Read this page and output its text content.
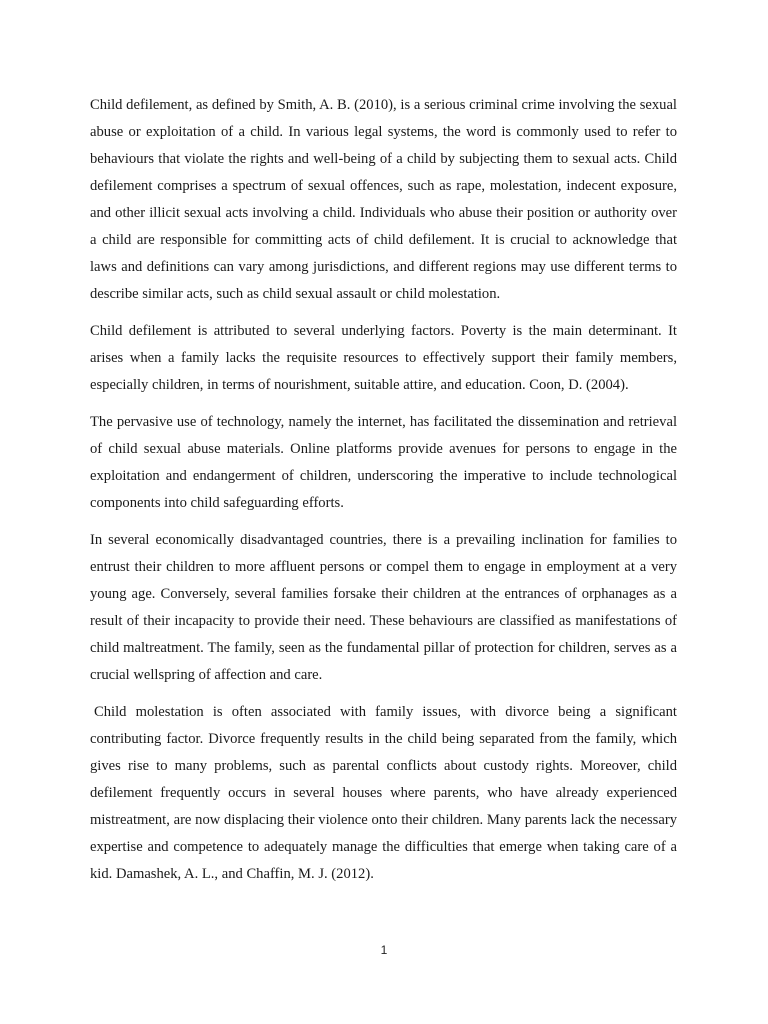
Child defilement, as defined by Smith, A. B. (2010), is a serious criminal crime involving the sexual abuse or exploitation of a child. In various legal systems, the word is commonly used to refer to behaviours that violate the rights and well-being of a child by subjecting them to sexual acts. Child defilement comprises a spectrum of sexual offences, such as rape, molestation, indecent exposure, and other illicit sexual acts involving a child. Individuals who abuse their position or authority over a child are responsible for committing acts of child defilement. It is crucial to acknowledge that laws and definitions can vary among jurisdictions, and different regions may use different terms to describe similar acts, such as child sexual assault or child molestation.

Child defilement is attributed to several underlying factors. Poverty is the main determinant. It arises when a family lacks the requisite resources to effectively support their family members, especially children, in terms of nourishment, suitable attire, and education. Coon, D. (2004).

The pervasive use of technology, namely the internet, has facilitated the dissemination and retrieval of child sexual abuse materials. Online platforms provide avenues for persons to engage in the exploitation and endangerment of children, underscoring the imperative to include technological components into child safeguarding efforts.

In several economically disadvantaged countries, there is a prevailing inclination for families to entrust their children to more affluent persons or compel them to engage in employment at a very young age. Conversely, several families forsake their children at the entrances of orphanages as a result of their incapacity to provide their need. These behaviours are classified as manifestations of child maltreatment. The family, seen as the fundamental pillar of protection for children, serves as a crucial wellspring of affection and care.

Child molestation is often associated with family issues, with divorce being a significant contributing factor. Divorce frequently results in the child being separated from the family, which gives rise to many problems, such as parental conflicts about custody rights. Moreover, child defilement frequently occurs in several houses where parents, who have already experienced mistreatment, are now displacing their violence onto their children. Many parents lack the necessary expertise and competence to adequately manage the difficulties that emerge when taking care of a kid. Damashek, A. L., and Chaffin, M. J. (2012).

1
